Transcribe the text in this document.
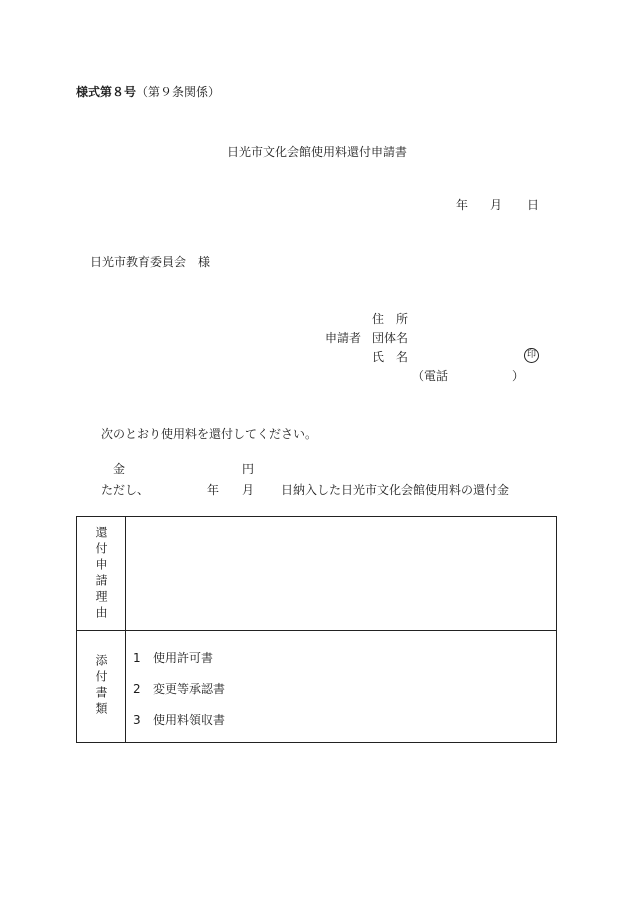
様式第８号（第９条関係）
日光市文化会館使用料還付申請書
年 月 日
日光市教育委員会　様
住　所
申請者 団体名
氏　名	印
（電話	）
次のとおり使用料を還付してください。
金	円
ただし、	年 月 日納入した日光市文化会館使用料の還付金
還付申請理由
添付書類 1 使用許可書
2 変更等承認書
3 使用料領収書
